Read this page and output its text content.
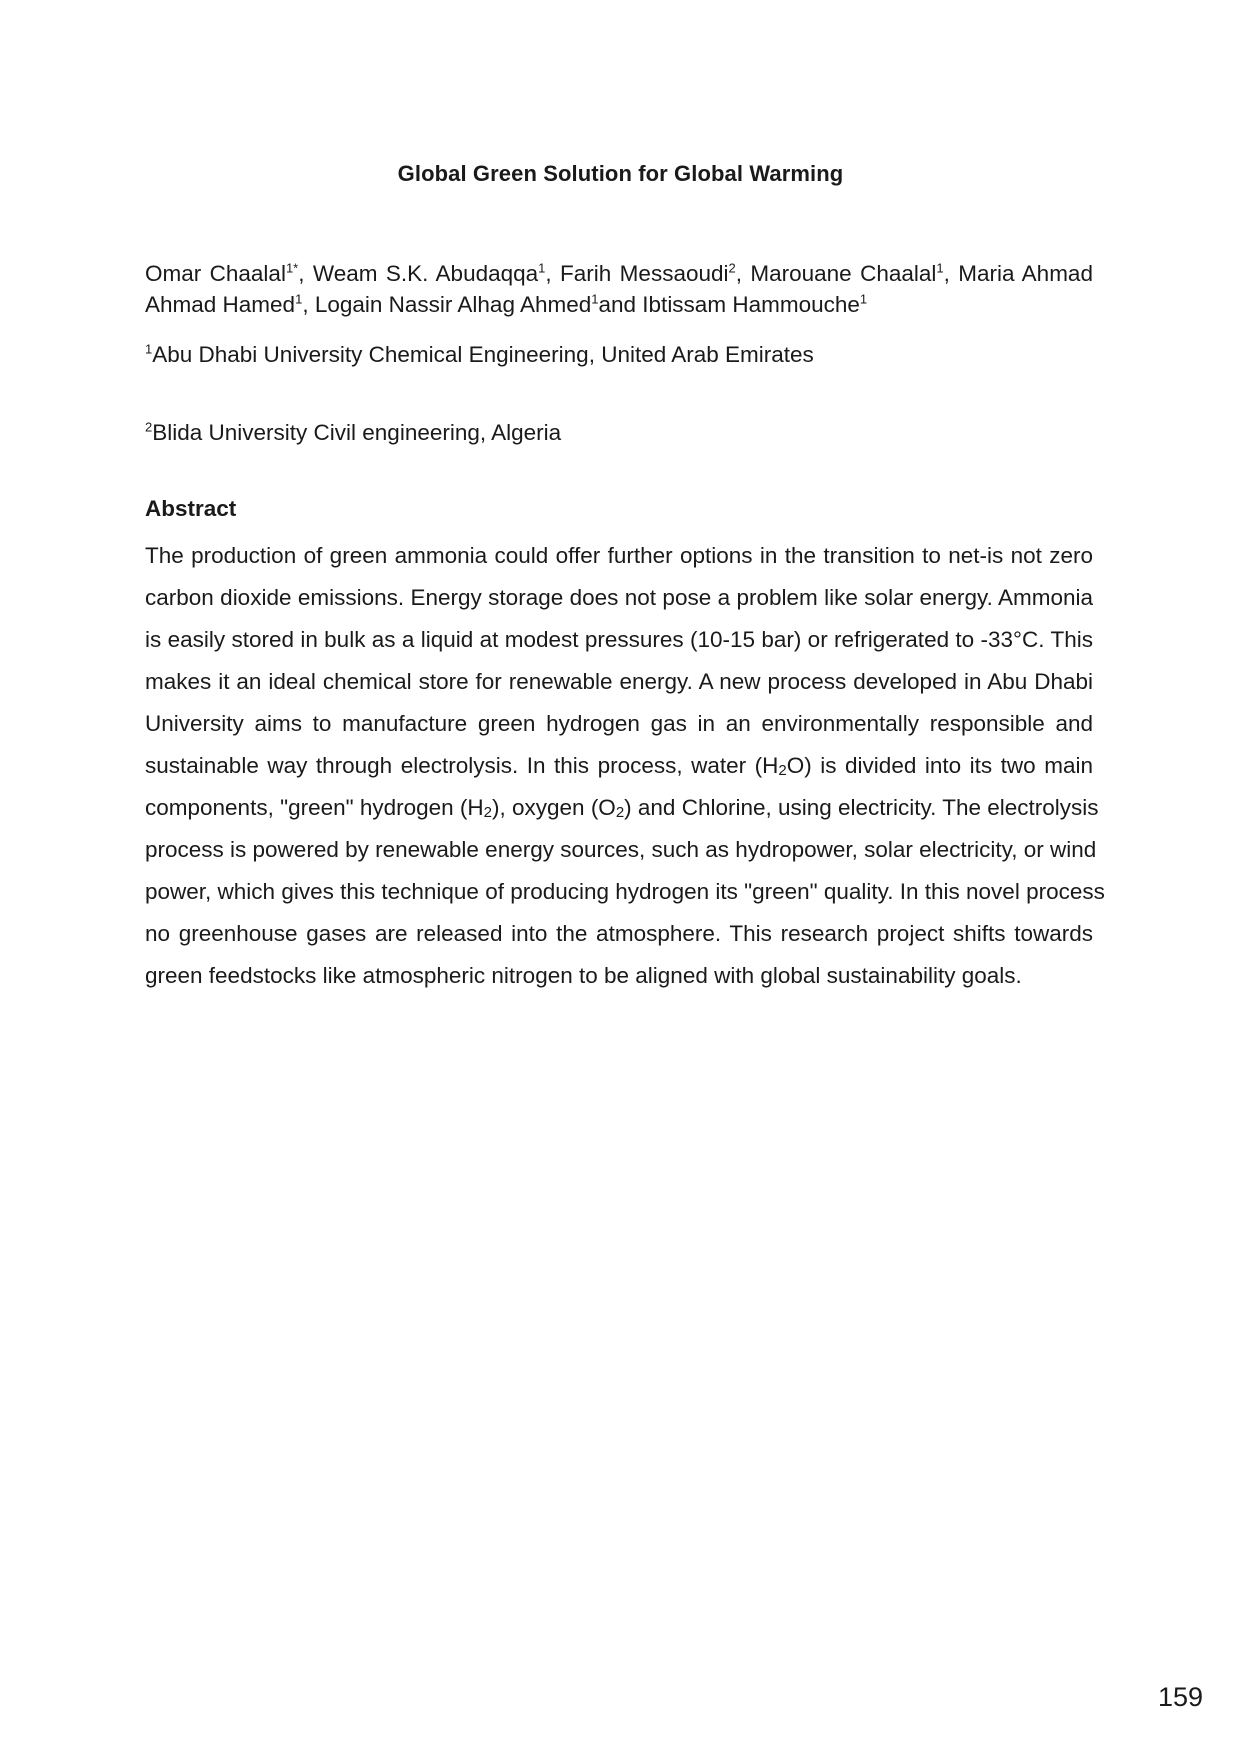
Global Green Solution for Global Warming
Omar Chaalal$^{1*}$, Weam S.K. Abudaqqa$^1$, Farih Messaoudi$^2$, Marouane Chaalal$^1$, Maria Ahmad Ahmad Hamed$^1$, Logain Nassir Alhag Ahmed$^1$and Ibtissam Hammouche$^1$
$^1$Abu Dhabi University Chemical Engineering, United Arab Emirates
$^2$Blida University Civil engineering, Algeria
Abstract
The production of green ammonia could offer further options in the transition to net-is not zero
carbon dioxide emissions. Energy storage does not pose a problem like solar energy. Ammonia
is easily stored in bulk as a liquid at modest pressures (10-15 bar) or refrigerated to -33°C. This
makes it an ideal chemical store for renewable energy. A new process developed in Abu Dhabi
University aims to manufacture green hydrogen gas in an environmentally responsible and
sustainable way through electrolysis. In this process, water $(H_2O)$ is divided into its two main
components, "green" hydrogen $(H_2)$, oxygen $(O_2)$ and Chlorine, using electricity. The electrolysis
process is powered by renewable energy sources, such as hydropower, solar electricity, or wind
power, which gives this technique of producing hydrogen its "green" quality. In this novel process
no greenhouse gases are released into the atmosphere. This research project shifts towards
green feedstocks like atmospheric nitrogen to be aligned with global sustainability goals.
159
